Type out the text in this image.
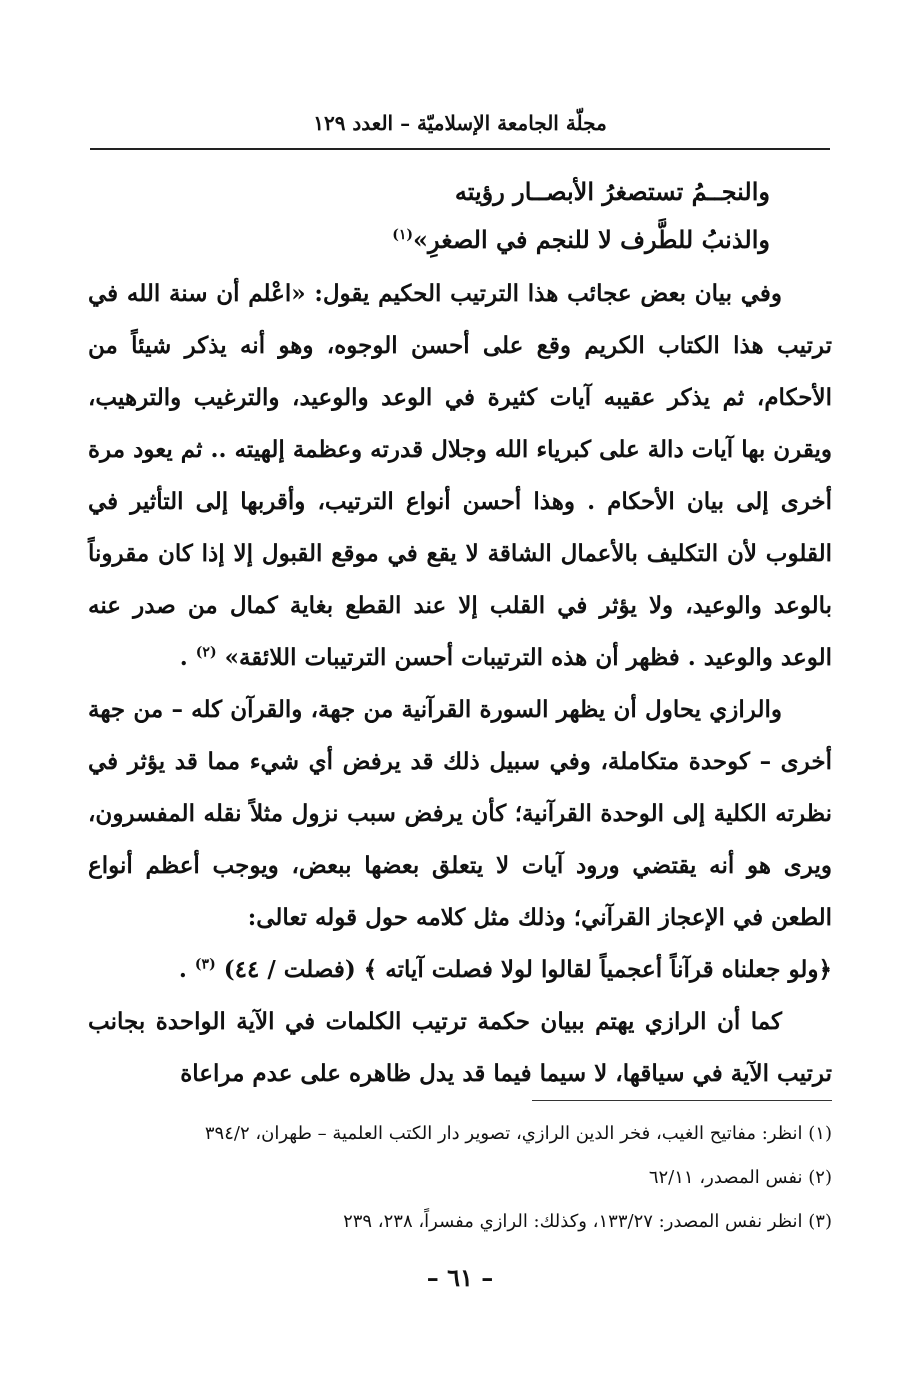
مجلّة الجامعة الإسلاميّة – العدد ١٢٩
والنجــمُ تستصغرُ الأبصــار رؤيته
والذنبُ للطَّرف لا للنجم في الصغرِ»$^{(١)}$

وفي بيان بعض عجائب هذا الترتيب الحكيم يقول: «اعْلم أن سنة الله في ترتيب هذا الكتاب الكريم وقع على أحسن الوجوه، وهو أنه يذكر شيئاً من الأحكام، ثم يذكر عقيبه آيات كثيرة في الوعد والوعيد، والترغيب والترهيب، ويقرن بها آيات دالة على كبرياء الله وجلال قدرته وعظمة إلهيته .. ثم يعود مرة أخرى إلى بيان الأحكام . وهذا أحسن أنواع الترتيب، وأقربها إلى التأثير في القلوب لأن التكليف بالأعمال الشاقة لا يقع في موقع القبول إلا إذا كان مقروناً بالوعد والوعيد، ولا يؤثر في القلب إلا عند القطع بغاية كمال من صدر عنه الوعد والوعيد . فظهر أن هذه الترتيبات أحسن الترتيبات اللائقة» $^{(٢)}$ .

والرازي يحاول أن يظهر السورة القرآنية من جهة، والقرآن كله – من جهة أخرى – كوحدة متكاملة، وفي سبيل ذلك قد يرفض أي شيء مما قد يؤثر في نظرته الكلية إلى الوحدة القرآنية؛ كأن يرفض سبب نزول مثلاً نقله المفسرون، ويرى هو أنه يقتضي ورود آيات لا يتعلق بعضها ببعض، ويوجب أعظم أنواع الطعن في الإعجاز القرآني؛ وذلك مثل كلامه حول قوله تعالى:

﴿ولو جعلناه قرآناً أعجمياً لقالوا لولا فصلت آياته ﴾ (فصلت / ٤٤) $^{(٣)}$ .

كما أن الرازي يهتم ببيان حكمة ترتيب الكلمات في الآية الواحدة بجانب ترتيب الآية في سياقها، لا سيما فيما قد يدل ظاهره على عدم مراعاة

(١) انظر: مفاتيح الغيب، فخر الدين الرازي، تصوير دار الكتب العلمية – طهران، ٣٩٤/٢

(٢) نفس المصدر، ٦٢/١١

(٣) انظر نفس المصدر: ١٣٣/٢٧، وكذلك: الرازي مفسراً، ٢٣٨، ٢٣٩

– ٦١ –
